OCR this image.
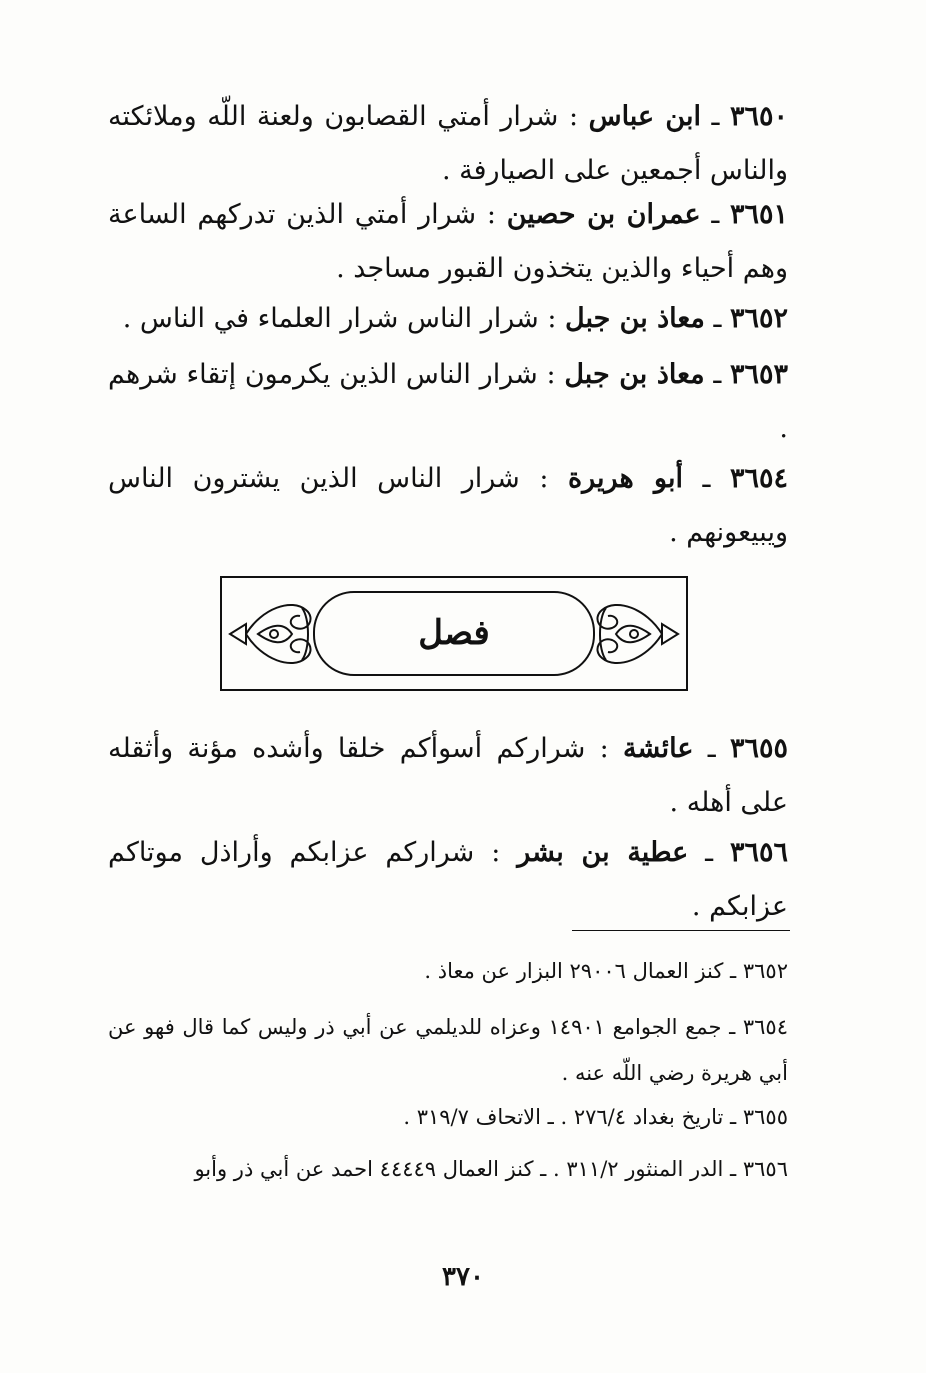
٣٦٥٠ ـ ابن عباس : شرار أمتي القصابون ولعنة اللّه وملائكته والناس أجمعين على الصيارفة .
٣٦٥١ ـ عمران بن حصين : شرار أمتي الذين تدركهم الساعة وهم أحياء والذين يتخذون القبور مساجد .
٣٦٥٢ ـ معاذ بن جبل : شرار الناس شرار العلماء في الناس .
٣٦٥٣ ـ معاذ بن جبل : شرار الناس الذين يكرمون إتقاء شرهم .
٣٦٥٤ ـ أبو هريرة : شرار الناس الذين يشترون الناس ويبيعونهم .
فصل
٣٦٥٥ ـ عائشة : شراركم أسوأكم خلقا وأشده مؤنة وأثقله على أهله .
٣٦٥٦ ـ عطية بن بشر : شراركم عزابكم وأراذل موتاكم عزابكم .
٣٦٥٢ ـ كنز العمال ٢٩٠٠٦ البزار عن معاذ .
٣٦٥٤ ـ جمع الجوامع ١٤٩٠١ وعزاه للديلمي عن أبي ذر وليس كما قال فهو عن أبي هريرة رضي اللّه عنه .
٣٦٥٥ ـ تاريخ بغداد ٢٧٦/٤ . ـ الاتحاف ٣١٩/٧ .
٣٦٥٦ ـ الدر المنثور ٣١١/٢ . ـ كنز العمال ٤٤٤٤٩ احمد عن أبي ذر وأبو
٣٧٠
